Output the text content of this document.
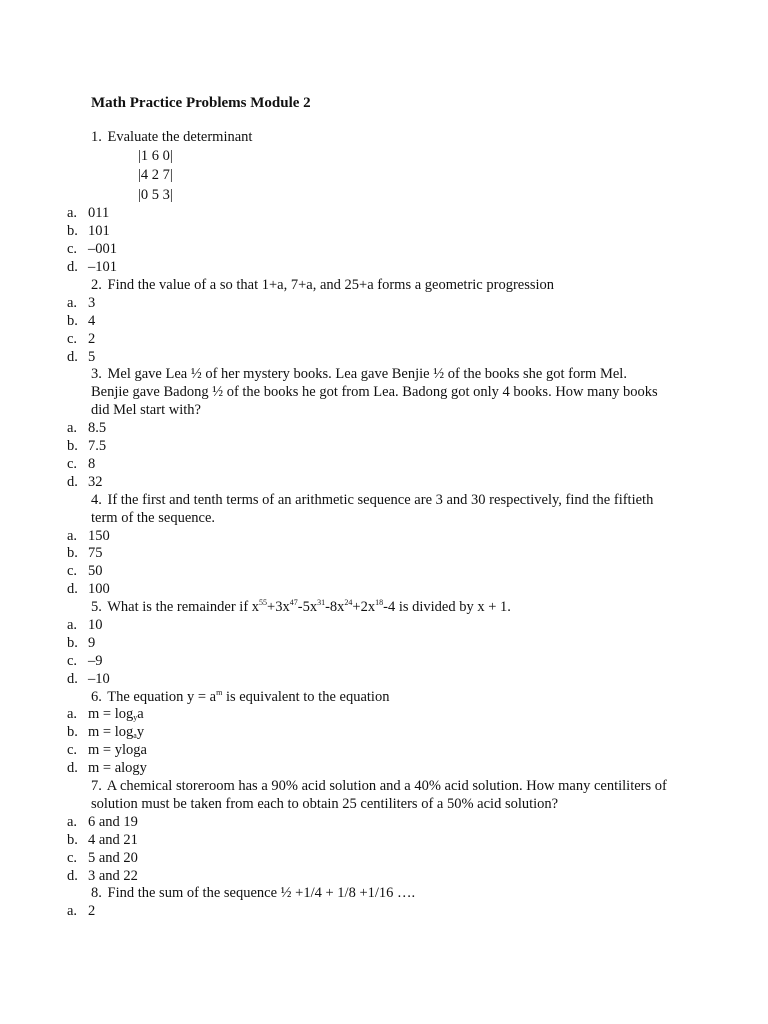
Math Practice Problems Module 2
1. Evaluate the determinant
|1 6 0|
|4 2 7|
|0 5 3|
a. 011
b. 101
c. –001
d. –101
2. Find the value of a so that 1+a, 7+a, and 25+a forms a geometric progression
a. 3
b. 4
c. 2
d. 5
3. Mel gave Lea ½ of her mystery books. Lea gave Benjie ½ of the books she got form Mel. Benjie gave Badong ½ of the books he got from Lea. Badong got only 4 books. How many books did Mel start with?
a. 8.5
b. 7.5
c. 8
d. 32
4. If the first and tenth terms of an arithmetic sequence are 3 and 30 respectively, find the fiftieth term of the sequence.
a. 150
b. 75
c. 50
d. 100
5. What is the remainder if $x^{55}+3x^{47}-5x^{31}-8x^{24}+2x^{18}-4$ is divided by x + 1.
a. 10
b. 9
c. –9
d. –10
6. The equation $y = a^m$ is equivalent to the equation
a. $m = \log_ya$
b. $m = \log_ay$
c. m = yloga
d. m = alogy
7. A chemical storeroom has a 90% acid solution and a 40% acid solution. How many centiliters of solution must be taken from each to obtain 25 centiliters of a 50% acid solution?
a. 6 and 19
b. 4 and 21
c. 5 and 20
d. 3 and 22
8. Find the sum of the sequence ½ +1/4 + 1/8 +1/16 ….
a. 2
